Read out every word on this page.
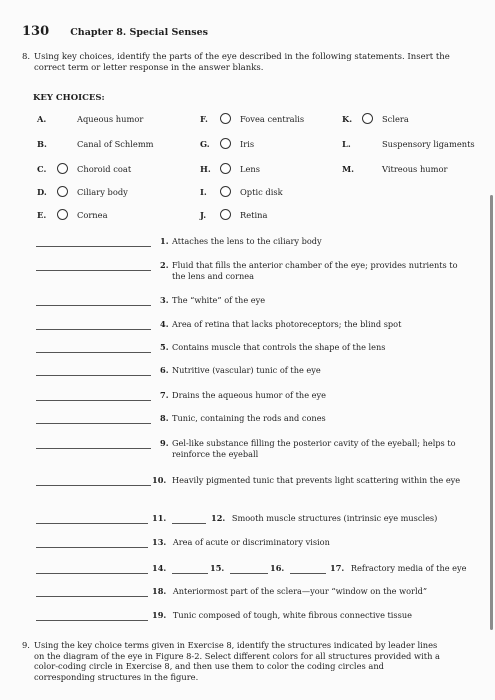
130 Chapter 8. Special Senses
8. Using key choices, identify the parts of the eye described in the following statements. Insert the correct term or letter response in the answer blanks.
KEY CHOICES:
A.	Aqueous humor
B.	Canal of Schlemm
C.	Choroid coat
D.	Ciliary body
E.	Cornea
F.	Fovea centralis
G.	Iris
H.	Lens
I.	Optic disk
J.	Retina
K.	Sclera
L.	Suspensory ligaments
M.	Vitreous humor
1. Attaches the lens to the ciliary body
2. Fluid that fills the anterior chamber of the eye; provides nutrients to the lens and cornea
3. The “white” of the eye
4. Area of retina that lacks photoreceptors; the blind spot
5. Contains muscle that controls the shape of the lens
6. Nutritive (vascular) tunic of the eye
7. Drains the aqueous humor of the eye
8. Tunic, containing the rods and cones
9. Gel-like substance filling the posterior cavity of the eyeball; helps to reinforce the eyeball
10. Heavily pigmented tunic that prevents light scattering within the eye
11.	12. Smooth muscle structures (intrinsic eye muscles)
13. Area of acute or discriminatory vision
14.	15.	16.	17. Refractory media of the eye
18. Anteriormost part of the sclera—your “window on the world”
19. Tunic composed of tough, white fibrous connective tissue
9. Using the key choice terms given in Exercise 8, identify the structures indicated by leader lines on the diagram of the eye in Figure 8-2. Select different colors for all structures provided with a color-coding circle in Exercise 8, and then use them to color the coding circles and corresponding structures in the figure.
